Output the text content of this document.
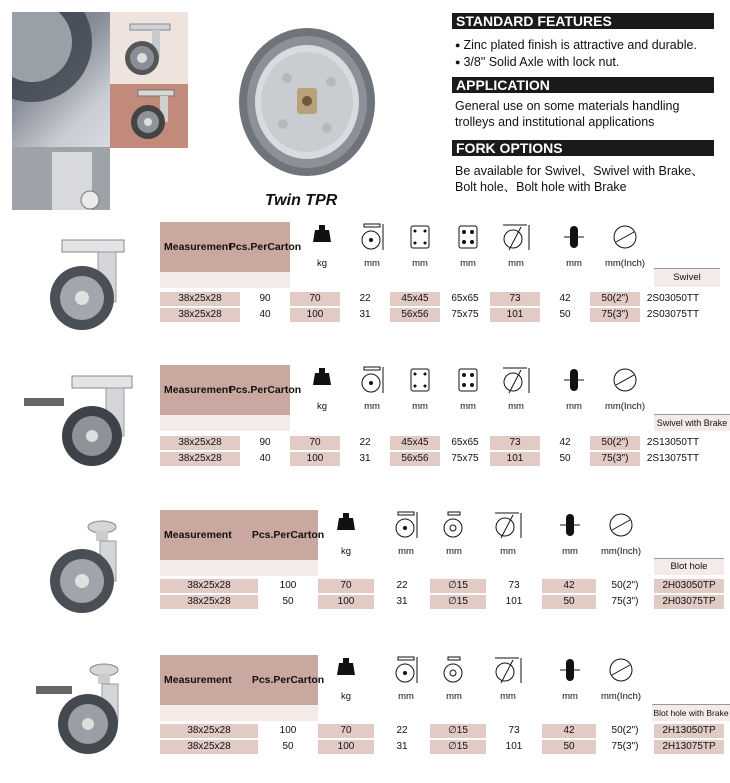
Twin TPR
STANDARD FEATURES
● Zinc plated finish is attractive and durable.
● 3/8" Solid Axle with lock nut.
APPLICATION
General use on some materials handling
trolleys and institutional applications
FORK OPTIONS
Be available for Swivel、Swivel with Brake、
Bolt hole、Bolt hole with Brake
Measurement
Pcs.Per Carton
kg	mm	mm	mm	mm	mm	mm(Inch)
Swivel
38x25x28	90	70	22	45x45	65x65	73	42	50(2")	2S03050TT
38x25x28	40	100	31	56x56	75x75	101	50	75(3")	2S03075TT
Measurement
Pcs.Per Carton
kg	mm	mm	mm	mm	mm	mm(Inch)
Swivel with Brake
38x25x28	90	70	22	45x45	65x65	73	42	50(2")	2S13050TT
38x25x28	40	100	31	56x56	75x75	101	50	75(3")	2S13075TT
Measurement	Pcs.Per Carton
kg	mm	mm	mm	mm	mm(Inch)
Blot hole
38x25x28	100	70	22	∅15	73	42	50(2")	2H03050TP
38x25x28	50	100	31	∅15	101	50	75(3")	2H03075TP
Measurement	Pcs.Per Carton
kg	mm	mm	mm	mm	mm(Inch)
Blot hole with Brake
38x25x28	100	70	22	∅15	73	42	50(2")	2H13050TP
38x25x28	50	100	31	∅15	101	50	75(3")	2H13075TP
